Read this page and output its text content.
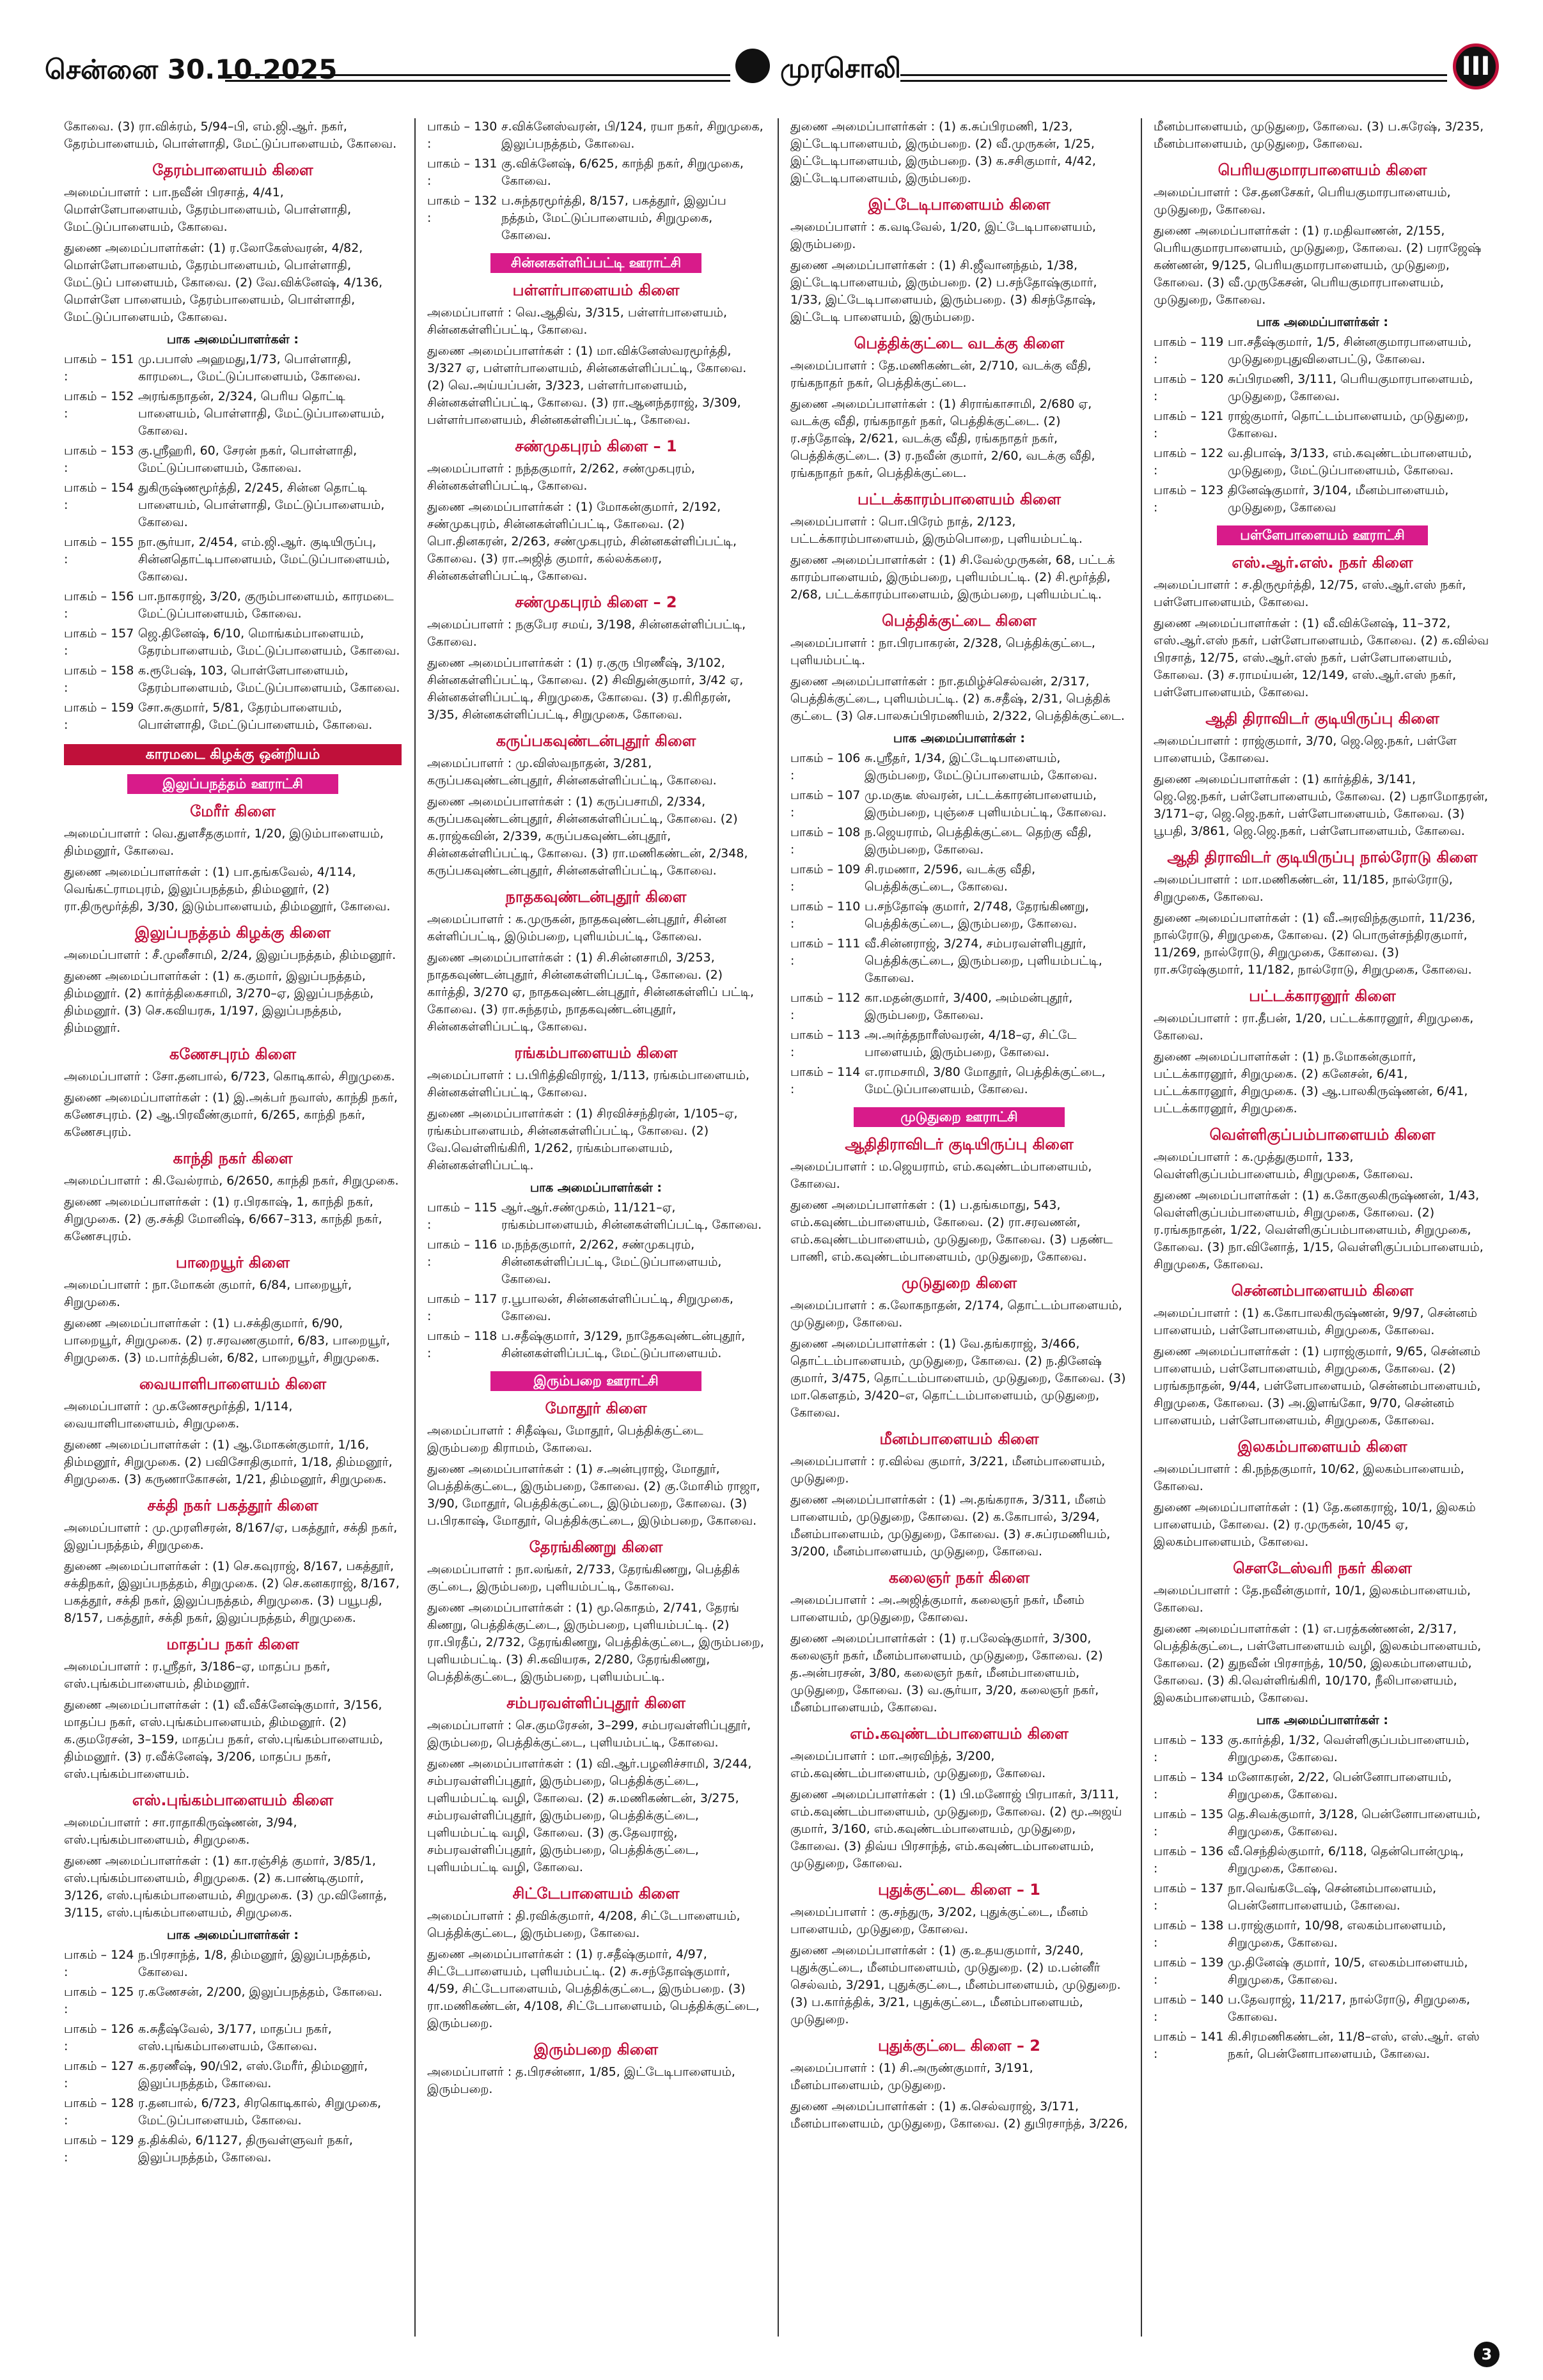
சென்னை 30.10.2025	முரசொலி	III
கோவை. (3) ரா.விக்ரம், 5/94–பி, எம்.ஜி.ஆர். நகர், தேரம்பாளையம், பொள்ளாதி, மேட்டுப்பாளையம், கோவை.
தேரம்பாளையம் கிளை
அமைப்பாளர் : பா.நவீன் பிரசாத், 4/41, மொள்ளேபாளையம், தேரம்பாளையம், பொள்ளாதி, மேட்டுப்பாளையம், கோவை.
துணை அமைப்பாளர்கள்: (1) ர.லோகேஸ்வரன், 4/82, மொள்ளேபாளையம், தேரம்பாளையம், பொள்ளாதி, மேட்டுப் பாளையம், கோவை. (2) வே.விக்னேஷ், 4/136, மொள்ளே பாளையம், தேரம்பாளையம், பொள்ளாதி, மேட்டுப்பாளையம், கோவை.
பாக அமைப்பாளர்கள் :
பாகம் – 151 :
மு.பபாஸ் அஹமது,1/73, பொள்ளாதி, காரமடை, மேட்டுப்பாளையம், கோவை.
பாகம் – 152 :
அரங்கநாதன், 2/324, பெரிய தொட்டி பாளையம், பொள்ளாதி, மேட்டுப்பாளையம், கோவை.
பாகம் – 153 :
கு.ஸ்ரீஹரி, 60, சேரன் நகர், பொள்ளாதி, மேட்டுப்பாளையம், கோவை.
பாகம் – 154 :
துகிருஷ்ணமூர்த்தி, 2/245, சின்ன தொட்டி பாளையம், பொள்ளாதி, மேட்டுப்பாளையம், கோவை.
பாகம் – 155 :
நா.சூர்யா, 2/454, எம்.ஜி.ஆர். குடியிருப்பு, சின்னதொட்டிபாளையம், மேட்டுப்பாளையம், கோவை.
பாகம் – 156 :
பா.நாகராஜ், 3/20, குரும்பாளையம், காரமடை மேட்டுப்பாளையம், கோவை.
பாகம் – 157 :
ஜெ.தினேஷ், 6/10, மொங்கம்பாளையம், தேரம்பாளையம், மேட்டுப்பாளையம், கோவை.
பாகம் – 158 :
க.ரூபேஷ், 103, பொள்ளேபாளையம், தேரம்பாளையம், மேட்டுப்பாளையம், கோவை.
பாகம் – 159 :
சோ.சுகுமார், 5/81, தேரம்பாளையம், பொள்ளாதி, மேட்டுப்பாளையம், கோவை.
காரமடை கிழக்கு ஒன்றியம்
இலுப்பநத்தம் ஊராட்சி
மேரீர் கிளை
அமைப்பாளர் : வெ.துளசீதகுமார், 1/20, இடும்பாளையம், திம்மனூர், கோவை.
துணை அமைப்பாளர்கள் : (1) பா.தங்கவேல், 4/114, வெங்கட்ராமபுரம், இலுப்பநத்தம், திம்மனூர், (2) ரா.திருமூர்த்தி, 3/30, இடும்பாளையம், திம்மனூர், கோவை.
இலுப்பநத்தம் கிழக்கு கிளை
அமைப்பாளர் : சீ.முனீசாமி, 2/24, இலுப்பநத்தம், திம்மனூர்.
துணை அமைப்பாளர்கள் : (1) க.குமார், இலுப்பநத்தம், திம்மனூர். (2) கார்த்திகைசாமி, 3/270–ஏ, இலுப்பநத்தம், திம்மனூர். (3) செ.கவியரசு, 1/197, இலுப்பநத்தம், திம்மனூர்.
கணேசபுரம் கிளை
அமைப்பாளர் : சோ.தனபால், 6/723, கொடிகால், சிறுமுகை.
துணை அமைப்பாளர்கள் : (1) இ.அக்பர் நவாஸ், காந்தி நகர், கணேசபுரம். (2) ஆ.பிரவீண்குமார், 6/265, காந்தி நகர், கணேசபுரம்.
காந்தி நகர் கிளை
அமைப்பாளர் : கி.வேல்ராம், 6/2650, காந்தி நகர், சிறுமுகை.
துணை அமைப்பாளர்கள் : (1) ர.பிரகாஷ், 1, காந்தி நகர், சிறுமுகை. (2) கு.சக்தி மோனிஷ், 6/667–313, காந்தி நகர், கணேசபுரம்.
பாறையூர் கிளை
அமைப்பாளர் : நா.மோகன் குமார், 6/84, பாறையூர், சிறுமுகை.
துணை அமைப்பாளர்கள் : (1) ப.சக்திகுமார், 6/90, பாறையூர், சிறுமுகை. (2) ர.சரவணகுமார், 6/83, பாறையூர், சிறுமுகை. (3) ம.பார்த்திபன், 6/82, பாறையூர், சிறுமுகை.
வையாளிபாளையம் கிளை
அமைப்பாளர் : மு.கணேசமூர்த்தி, 1/114, வையாளிபாளையம், சிறுமுகை.
துணை அமைப்பாளர்கள் : (1) ஆ.மோகன்குமார், 1/16, திம்மனூர், சிறுமுகை. (2) பவிசோதிகுமார், 1/18, திம்மனூர், சிறுமுகை. (3) கருணாகோசன், 1/21, திம்மனூர், சிறுமுகை.
சக்தி நகர் பகத்தூர் கிளை
அமைப்பாளர் : மு.முரளிசரன், 8/167/ஏ, பகத்தூர், சக்தி நகர், இலுப்பநத்தம், சிறுமுகை.
துணை அமைப்பாளர்கள் : (1) செ.கவுராஜ், 8/167, பகத்தூர், சக்திநகர், இலுப்பநத்தம், சிறுமுகை. (2) செ.கனகராஜ், 8/167, பகத்தூர், சக்தி நகர், இலுப்பநத்தம், சிறுமுகை. (3) பயூபதி, 8/157, பகத்தூர், சக்தி நகர், இலுப்பநத்தம், சிறுமுகை.
மாதப்ப நகர் கிளை
அமைப்பாளர் : ர.ஸ்ரீதர், 3/186–ஏ, மாதப்ப நகர், எஸ்.புங்கம்பாளையம், திம்மனூர்.
துணை அமைப்பாளர்கள் : (1) வீ.வீக்னேஷ்குமார், 3/156, மாதப்ப நகர், எஸ்.புங்கம்பாளையம், திம்மனூர். (2) க.குமரேசன், 3–159, மாதப்ப நகர், எஸ்.புங்கம்பாளையம், திம்மனூர். (3) ர.வீக்னேஷ், 3/206, மாதப்ப நகர், எஸ்.புங்கம்பாளையம்.
எஸ்.புங்கம்பாளையம் கிளை
அமைப்பாளர் : சா.ராதாகிருஷ்ணன், 3/94, எஸ்.புங்கம்பாளையம், சிறுமுகை.
துணை அமைப்பாளர்கள் : (1) கா.ரஞ்சித் குமார், 3/85/1, எஸ்.புங்கம்பாளையம், சிறுமுகை. (2) க.பாண்டிகுமார், 3/126, எஸ்.புங்கம்பாளையம், சிறுமுகை. (3) மு.வினோத், 3/115, எஸ்.புங்கம்பாளையம், சிறுமுகை.
பாக அமைப்பாளர்கள் :
பாகம் – 124 :
ந.பிரசாந்த், 1/8, திம்மனூர், இலுப்பநத்தம், கோவை.
பாகம் – 125 :
ர.கணேசன், 2/200, இலுப்பநத்தம், கோவை.
பாகம் – 126 :
க.சுதீஷ்வேல், 3/177, மாதப்ப நகர், எஸ்.புங்கம்பாளையம், கோவை.
பாகம் – 127 :
க.தரணீஷ், 90/பி2, எஸ்.மேரீர், திம்மனூர், இலுப்பநத்தம், கோவை.
பாகம் – 128 :
ர.தனபால், 6/723, சிரகொடிகால், சிறுமுகை, மேட்டுப்பாளையம், கோவை.
பாகம் – 129 :
த.திக்கில், 6/1127, திருவள்ளுவர் நகர், இலுப்பநத்தம், கோவை.
பாகம் – 130 :
ச.விக்னேஸ்வரன், பி/124, ரயா நகர், சிறுமுகை, இலுப்பநத்தம், கோவை.
பாகம் – 131 :
கு.விக்னேஷ், 6/625, காந்தி நகர், சிறுமுகை, கோவை.
பாகம் – 132 :
ப.சுந்தரமூர்த்தி, 8/157, பகத்தூர், இலுப்ப நத்தம், மேட்டுப்பாளையம், சிறுமுகை, கோவை.
சின்னகள்ளிப்பட்டி ஊராட்சி
பள்ளர்பாளையம் கிளை
அமைப்பாளர் : வெ.ஆதிவ், 3/315, பள்ளர்பாளையம், சின்னகள்ளிப்பட்டி, கோவை.
துணை அமைப்பாளர்கள் : (1) மா.விக்னேஸ்வரமூர்த்தி, 3/327 ஏ, பள்ளர்பாளையம், சின்னகள்ளிப்பட்டி, கோவை. (2) வெ.அய்யப்பன், 3/323, பள்ளர்பாளையம், சின்னகள்ளிப்பட்டி, கோவை. (3) ரா.ஆனந்தராஜ், 3/309, பள்ளர்பாளையம், சின்னகள்ளிப்பட்டி, கோவை.
சண்முகபுரம் கிளை – 1
அமைப்பாளர் : நந்தகுமார், 2/262, சண்முகபுரம், சின்னகள்ளிப்பட்டி, கோவை.
துணை அமைப்பாளர்கள் : (1) மோகன்குமார், 2/192, சண்முகபுரம், சின்னகள்ளிப்பட்டி, கோவை. (2) பொ.தினகரன், 2/263, சண்முகபுரம், சின்னகள்ளிப்பட்டி, கோவை. (3) ரா.அஜித் குமார், கல்லக்கரை, சின்னகள்ளிப்பட்டி, கோவை.
சண்முகபுரம் கிளை – 2
அமைப்பாளர் : நகுபேர சமய், 3/198, சின்னகள்ளிப்பட்டி, கோவை.
துணை அமைப்பாளர்கள் : (1) ர.குரு பிரணீஷ், 3/102, சின்னகள்ளிப்பட்டி, கோவை. (2) சிவிதுன்குமார், 3/42 ஏ, சின்னகள்ளிப்பட்டி, சிறுமுகை, கோவை. (3) ர.கிரிதரன், 3/35, சின்னகள்ளிப்பட்டி, சிறுமுகை, கோவை.
கருப்பகவுண்டன்புதூர் கிளை
அமைப்பாளர் : மு.விஸ்வநாதன், 3/281, கருப்பகவுண்டன்புதூர், சின்னகள்ளிப்பட்டி, கோவை.
துணை அமைப்பாளர்கள் : (1) கருப்பசாமி, 2/334, கருப்பகவுண்டன்புதூர், சின்னகள்ளிப்பட்டி, கோவை. (2) க.ராஜ்கவின், 2/339, கருப்பகவுண்டன்புதூர், சின்னகள்ளிப்பட்டி, கோவை. (3) ரா.மணிகண்டன், 2/348, கருப்பகவுண்டன்புதூர், சின்னகள்ளிப்பட்டி, கோவை.
நாதகவுண்டன்புதூர் கிளை
அமைப்பாளர் : க.முருகன், நாதகவுண்டன்புதூர், சின்ன கள்ளிப்பட்டி, இடும்பறை, புளியம்பட்டி, கோவை.
துணை அமைப்பாளர்கள் : (1) சி.சின்னசாமி, 3/253, நாதகவுண்டன்புதூர், சின்னகள்ளிப்பட்டி, கோவை. (2) கார்த்தி, 3/270 ஏ, நாதகவுண்டன்புதூர், சின்னகள்ளிப் பட்டி, கோவை. (3) ரா.சுந்தரம், நாதகவுண்டன்புதூர், சின்னகள்ளிப்பட்டி, கோவை.
ரங்கம்பாளையம் கிளை
அமைப்பாளர் : ப.பிரித்திவிராஜ், 1/113, ரங்கம்பாளையம், சின்னகள்ளிப்பட்டி, கோவை.
துணை அமைப்பாளர்கள் : (1) சிரவிச்சந்திரன், 1/105–ஏ, ரங்கம்பாளையம், சின்னகள்ளிப்பட்டி, கோவை. (2) வே.வெள்ளிங்கிரி, 1/262, ரங்கம்பாளையம், சின்னகள்ளிப்பட்டி.
பாக அமைப்பாளர்கள் :
பாகம் – 115 :
ஆர்.ஆர்.சண்முகம், 11/121–ஏ, ரங்கம்பாளையம், சின்னகள்ளிப்பட்டி, கோவை.
பாகம் – 116 :
ம.நந்தகுமார், 2/262, சண்முகபுரம், சின்னகள்ளிப்பட்டி, மேட்டுப்பாளையம், கோவை.
பாகம் – 117 :
ர.பூபாலன், சின்னகள்ளிப்பட்டி, சிறுமுகை, கோவை.
பாகம் – 118 :
ப.சதீஷ்குமார், 3/129, நாதேகவுண்டன்புதூர், சின்னகள்ளிப்பட்டி, மேட்டுப்பாளையம்.
இரும்பறை ஊராட்சி
மோதூர் கிளை
அமைப்பாளர் : சிதீஷ்வ, மோதூர், பெத்திக்குட்டை இரும்பறை கிராமம், கோவை.
துணை அமைப்பாளர்கள் : (1) ச.அன்புராஜ், மோதூர், பெத்திக்குட்டை, இரும்பறை, கோவை. (2) கு.மோசிம் ராஜா, 3/90, மோதூர், பெத்திக்குட்டை, இடும்பறை, கோவை. (3) ப.பிரகாஷ், மோதூர், பெத்திக்குட்டை, இடும்பறை, கோவை.
தேரங்கிணறு கிளை
அமைப்பாளர் : நா.லங்கர், 2/733, தேரங்கிணறு, பெத்திக் குட்டை, இரும்பறை, புளியம்பட்டி, கோவை.
துணை அமைப்பாளர்கள் : (1) மூ.கொதம், 2/741, தேரங் கிணறு, பெத்திக்குட்டை, இரும்பறை, புளியம்பட்டி. (2) ரா.பிரதீப், 2/732, தேரங்கிணறு, பெத்திக்குட்டை, இரும்பறை, புளியம்பட்டி. (3) சி.கவியரசு, 2/280, தேரங்கிணறு, பெத்திக்குட்டை, இரும்பறை, புளியம்பட்டி.
சம்பரவள்ளிப்புதூர் கிளை
அமைப்பாளர் : செ.குமரேசன், 3–299, சம்பரவள்ளிப்புதூர், இரும்பறை, பெத்திக்குட்டை, புளியம்பட்டி, கோவை.
துணை அமைப்பாளர்கள் : (1) வி.ஆர்.பழனிச்சாமி, 3/244, சம்பரவள்ளிப்புதூர், இரும்பறை, பெத்திக்குட்டை, புளியம்பட்டி வழி, கோவை. (2) சு.மணிகண்டன், 3/275, சம்பரவள்ளிப்புதூர், இரும்பறை, பெத்திக்குட்டை, புளியம்பட்டி வழி, கோவை. (3) கு.தேவராஜ், சம்பரவள்ளிப்புதூர், இரும்பறை, பெத்திக்குட்டை, புளியம்பட்டி வழி, கோவை.
சிட்டேபாளையம் கிளை
அமைப்பாளர் : தி.ரவிக்குமார், 4/208, சிட்டேபாளையம், பெத்திக்குட்டை, இரும்பறை, கோவை.
துணை அமைப்பாளர்கள் : (1) ர.சதீஷ்குமார், 4/97, சிட்டேபாளையம், புளியம்பட்டி. (2) சு.சந்தோஷ்குமார், 4/59, சிட்டேபாளையம், பெத்திக்குட்டை, இரும்பறை. (3) ரா.மணிகண்டன், 4/108, சிட்டேபாளையம், பெத்திக்குட்டை, இரும்பறை.
இரும்பறை கிளை
அமைப்பாளர் : த.பிரசன்னா, 1/85, இட்டேடிபாளையம், இரும்பறை.
துணை அமைப்பாளர்கள் : (1) க.சுப்பிரமணி, 1/23, இட்டேடிபாளையம், இரும்பறை. (2) வீ.முருகன், 1/25, இட்டேடிபாளையம், இரும்பறை. (3) க.சசிகுமார், 4/42, இட்டேடிபாளையம், இரும்பறை.
இட்டேடிபாளையம் கிளை
அமைப்பாளர் : க.வடிவேல், 1/20, இட்டேடிபாளையம், இரும்பறை.
துணை அமைப்பாளர்கள் : (1) சி.ஜீவானந்தம், 1/38, இட்டேடிபாளையம், இரும்பறை. (2) ப.சந்தோஷ்குமார், 1/33, இட்டேடிபாளையம், இரும்பறை. (3) கிசந்தோஷ், இட்டேடி பாளையம், இரும்பறை.
பெத்திக்குட்டை வடக்கு கிளை
அமைப்பாளர் : தே.மணிகண்டன், 2/710, வடக்கு வீதி, ரங்கநாதர் நகர், பெத்திக்குட்டை.
துணை அமைப்பாளர்கள் : (1) சிராங்காசாமி, 2/680 ஏ, வடக்கு வீதி, ரங்கநாதர் நகர், பெத்திக்குட்டை. (2) ர.சந்தோஷ், 2/621, வடக்கு வீதி, ரங்கநாதர் நகர், பெத்திக்குட்டை. (3) ர.நவீன் குமார், 2/60, வடக்கு வீதி, ரங்கநாதர் நகர், பெத்திக்குட்டை.
பட்டக்காரம்பாளையம் கிளை
அமைப்பாளர் : பொ.பிரேம் நாத், 2/123, பட்டக்காரம்பாளையம், இரும்பொறை, புளியம்பட்டி.
துணை அமைப்பாளர்கள் : (1) சி.வேல்முருகன், 68, பட்டக் காரம்பாளையம், இரும்பறை, புளியம்பட்டி. (2) சி.மூர்த்தி, 2/68, பட்டக்காரம்பாளையம், இரும்பறை, புளியம்பட்டி.
பெத்திக்குட்டை கிளை
அமைப்பாளர் : நா.பிரபாகரன், 2/328, பெத்திக்குட்டை, புளியம்பட்டி.
துணை அமைப்பாளர்கள் : நா.தமிழ்ச்செல்வன், 2/317, பெத்திக்குட்டை, புளியம்பட்டி. (2) க.சதீஷ், 2/31, பெத்திக் குட்டை (3) செ.பாலசுப்பிரமணியம், 2/322, பெத்திக்குட்டை.
பாக அமைப்பாளர்கள் :
பாகம் – 106 :
சு.ஸ்ரீதர், 1/34, இட்டேடிபாளையம், இரும்பறை, மேட்டுப்பாளையம், கோவை.
பாகம் – 107 :
மு.மகுடீ ஸ்வரன், பட்டக்காரன்பாளையம், இரும்பறை, புஞ்சை புளியம்பட்டி, கோவை.
பாகம் – 108 :
ந.ஜெயராம், பெத்திக்குட்டை தெற்கு வீதி, இரும்பறை, கோவை.
பாகம் – 109 :
சி.ரமணா, 2/596, வடக்கு வீதி, பெத்திக்குட்டை, கோவை.
பாகம் – 110 :
ப.சந்தோஷ் குமார், 2/748, தேரங்கிணறு, பெத்திக்குட்டை, இரும்பறை, கோவை.
பாகம் – 111 :
வீ.சின்னராஜ், 3/274, சம்பரவள்ளிபுதூர், பெத்திக்குட்டை, இரும்பறை, புளியம்பட்டி, கோவை.
பாகம் – 112 :
கா.மதன்குமார், 3/400, அம்மன்புதூர், இரும்பறை, கோவை.
பாகம் – 113 :
அ.அர்த்தநாரீஸ்வரன், 4/18–ஏ, சிட்டே பாளையம், இரும்பறை, கோவை.
பாகம் – 114 :
எ.ராமசாமி, 3/80 மோதூர், பெத்திக்குட்டை, மேட்டுப்பாளையம், கோவை.
முடுதுறை ஊராட்சி
ஆதிதிராவிடர் குடியிருப்பு கிளை
அமைப்பாளர் : ம.ஜெயராம், எம்.கவுண்டம்பாளையம், கோவை.
துணை அமைப்பாளர்கள் : (1) ப.தங்கமாது, 543, எம்.கவுண்டம்பாளையம், கோவை. (2) ரா.சரவணன், எம்.கவுண்டம்பாளையம், முடுதுறை, கோவை. (3) பதண்ட பாணி, எம்.கவுண்டம்பாளையம், முடுதுறை, கோவை.
முடுதுறை கிளை
அமைப்பாளர் : க.லோகநாதன், 2/174, தொட்டம்பாளையம், முடுதுறை, கோவை.
துணை அமைப்பாளர்கள் : (1) வே.தங்கராஜ், 3/466, தொட்டம்பாளையம், முடுதுறை, கோவை. (2) ந.தினேஷ் குமார், 3/475, தொட்டம்பாளையம், முடுதுறை, கோவை. (3) மா.கௌதம், 3/420–எ, தொட்டம்பாளையம், முடுதுறை, கோவை.
மீனம்பாளையம் கிளை
அமைப்பாளர் : ர.வில்வ குமார், 3/221, மீனம்பாளையம், முடுதுறை.
துணை அமைப்பாளர்கள் : (1) அ.தங்கராசு, 3/311, மீனம் பாளையம், முடுதுறை, கோவை. (2) க.கோபால், 3/294, மீனம்பாளையம், முடுதுறை, கோவை. (3) ச.சுப்ரமணியம், 3/200, மீனம்பாளையம், முடுதுறை, கோவை.
கலைஞர் நகர் கிளை
அமைப்பாளர் : அ.அஜித்குமார், கலைஞர் நகர், மீனம் பாளையம், முடுதுறை, கோவை.
துணை அமைப்பாளர்கள் : (1) ர.பலேஷ்குமார், 3/300, கலைஞர் நகர், மீனம்பாளையம், முடுதுறை, கோவை. (2) த.அன்பரசன், 3/80, கலைஞர் நகர், மீனம்பாளையம், முடுதுறை, கோவை. (3) வ.சூர்யா, 3/20, கலைஞர் நகர், மீனம்பாளையம், கோவை.
எம்.கவுண்டம்பாளையம் கிளை
அமைப்பாளர் : மா.அரவிந்த், 3/200, எம்.கவுண்டம்பாளையம், முடுதுறை, கோவை.
துணை அமைப்பாளர்கள் : (1) பி.மனோஜ் பிரபாகர், 3/111, எம்.கவுண்டம்பாளையம், முடுதுறை, கோவை. (2) மூ.அஜய் குமார், 3/160, எம்.கவுண்டம்பாளையம், முடுதுறை, கோவை. (3) திவ்ய பிரசாந்த், எம்.கவுண்டம்பாளையம், முடுதுறை, கோவை.
புதுக்குட்டை கிளை – 1
அமைப்பாளர் : கு.சந்துரு, 3/202, புதுக்குட்டை, மீனம் பாளையம், முடுதுறை, கோவை.
துணை அமைப்பாளர்கள் : (1) கு.உதயகுமார், 3/240, புதுக்குட்டை, மீனம்பாளையம், முடுதுறை. (2) ம.பன்னீர் செல்வம், 3/291, புதுக்குட்டை, மீனம்பாளையம், முடுதுறை. (3) ப.கார்த்திக், 3/21, புதுக்குட்டை, மீனம்பாளையம், முடுதுறை.
புதுக்குட்டை கிளை – 2
அமைப்பாளர் : (1) சி.அருண்குமார், 3/191, மீனம்பாளையம், முடுதுறை.
துணை அமைப்பாளர்கள் : (1) க.செல்வராஜ், 3/171, மீனம்பாளையம், முடுதுறை, கோவை. (2) துபிரசாந்த், 3/226,
மீனம்பாளையம், முடுதுறை, கோவை. (3) ப.சுரேஷ், 3/235, மீனம்பாளையம், முடுதுறை, கோவை.
பெரியகுமாரபாளையம் கிளை
அமைப்பாளர் : சே.தனசேகர், பெரியகுமாரபாளையம், முடுதுறை, கோவை.
துணை அமைப்பாளர்கள் : (1) ர.மதிவாணன், 2/155, பெரியகுமாரபாளையம், முடுதுறை, கோவை. (2) பராஜேஷ் கண்ணன், 9/125, பெரியகுமாரபாளையம், முடுதுறை, கோவை. (3) வீ.முருகேசன், பெரியகுமாரபாளையம், முடுதுறை, கோவை.
பாக அமைப்பாளர்கள் :
பாகம் – 119 :
பா.சதீஷ்குமார், 1/5, சின்னகுமாரபாளையம், முடுதுறைபுதுவிளைபட்டு, கோவை.
பாகம் – 120 :
சுப்பிரமணி, 3/111, பெரியகுமாரபாளையம், முடுதுறை, கோவை.
பாகம் – 121 :
ராஜ்குமார், தொட்டம்பாளையம், முடுதுறை, கோவை.
பாகம் – 122 :
வ.திபாஷ், 3/133, எம்.கவுண்டம்பாளையம், முடுதுறை, மேட்டுப்பாளையம், கோவை.
பாகம் – 123 :
தினேஷ்குமார், 3/104, மீனம்பாளையம், முடுதுறை, கோவை
பள்ளேபாளையம் ஊராட்சி
எஸ்.ஆர்.எஸ். நகர் கிளை
அமைப்பாளர் : ச.திருமூர்த்தி, 12/75, எஸ்.ஆர்.எஸ் நகர், பள்ளேபாளையம், கோவை.
துணை அமைப்பாளர்கள் : (1) வீ.விக்னேஷ், 11–372, எஸ்.ஆர்.எஸ் நகர், பள்ளேபாளையம், கோவை. (2) க.வில்வ பிரசாத், 12/75, எஸ்.ஆர்.எஸ் நகர், பள்ளேபாளையம், கோவை. (3) ச.ராமய்யன், 12/149, எஸ்.ஆர்.எஸ் நகர், பள்ளேபாளையம், கோவை.
ஆதி திராவிடர் குடியிருப்பு கிளை
அமைப்பாளர் : ராஜ்குமார், 3/70, ஜெ.ஜெ.நகர், பள்ளே பாளையம், கோவை.
துணை அமைப்பாளர்கள் : (1) கார்த்திக், 3/141, ஜெ.ஜெ.நகர், பள்ளேபாளையம், கோவை. (2) பதாமோதரன், 3/171–ஏ, ஜெ.ஜெ.நகர், பள்ளேபாளையம், கோவை. (3) பூபதி, 3/861, ஜெ.ஜெ.நகர், பள்ளேபாளையம், கோவை.
ஆதி திராவிடர் குடியிருப்பு நால்ரோடு கிளை
அமைப்பாளர் : மா.மணிகண்டன், 11/185, நால்ரோடு, சிறுமுகை, கோவை.
துணை அமைப்பாளர்கள் : (1) வீ.அரவிந்தகுமார், 11/236, நால்ரோடு, சிறுமுகை, கோவை. (2) பொருள்சந்திரகுமார், 11/269, நால்ரோடு, சிறுமுகை, கோவை. (3) ரா.சுரேஷ்குமார், 11/182, நால்ரோடு, சிறுமுகை, கோவை.
பட்டக்காரனூர் கிளை
அமைப்பாளர் : ரா.தீபன், 1/20, பட்டக்காரனூர், சிறுமுகை, கோவை.
துணை அமைப்பாளர்கள் : (1) ந.மோகன்குமார், பட்டக்காரனூர், சிறுமுகை. (2) கனேசன், 6/41, பட்டக்காரனூர், சிறுமுகை. (3) ஆ.பாலகிருஷ்ணன், 6/41, பட்டக்காரனூர், சிறுமுகை.
வெள்ளிகுப்பம்பாளையம் கிளை
அமைப்பாளர் : க.முத்துகுமார், 133, வெள்ளிகுப்பம்பாளையம், சிறுமுகை, கோவை.
துணை அமைப்பாளர்கள் : (1) க.கோகுலகிருஷ்ணன், 1/43, வெள்ளிகுப்பம்பாளையம், சிறுமுகை, கோவை. (2) ர.ரங்கநாதன், 1/22, வெள்ளிகுப்பம்பாளையம், சிறுமுகை, கோவை. (3) நா.வினோத், 1/15, வெள்ளிகுப்பம்பாளையம், சிறுமுகை, கோவை.
சென்னம்பாளையம் கிளை
அமைப்பாளர் : (1) க.கோபாலகிருஷ்ணன், 9/97, சென்னம் பாளையம், பள்ளேபாளையம், சிறுமுகை, கோவை.
துணை அமைப்பாளர்கள் : (1) பராஜ்குமார், 9/65, சென்னம் பாளையம், பள்ளேபாளையம், சிறுமுகை, கோவை. (2) பரங்கநாதன், 9/44, பள்ளேபாளையம், சென்னம்பாளையம், சிறுமுகை, கோவை. (3) அ.இளங்கோ, 9/70, சென்னம் பாளையம், பள்ளேபாளையம், சிறுமுகை, கோவை.
இலகம்பாளையம் கிளை
அமைப்பாளர் : கி.நந்தகுமார், 10/62, இலகம்பாளையம், கோவை.
துணை அமைப்பாளர்கள் : (1) தே.கனகராஜ், 10/1, இலகம் பாளையம், கோவை. (2) ர.முருகன், 10/45 ஏ, இலகம்பாளையம், கோவை.
சௌடேஸ்வரி நகர் கிளை
அமைப்பாளர் : தே.நவீன்குமார், 10/1, இலகம்பாளையம், கோவை.
துணை அமைப்பாளர்கள் : (1) எ.பரத்கண்ணன், 2/317, பெத்திக்குட்டை, பள்ளேபாளையம் வழி, இலகம்பாளையம், கோவை. (2) துநவீன் பிரசாந்த், 10/50, இலகம்பாளையம், கோவை. (3) கி.வெள்ளிங்கிரி, 10/170, நீலிபாளையம், இலகம்பாளையம், கோவை.
பாக அமைப்பாளர்கள் :
பாகம் – 133 :
கு.கார்த்தி, 1/32, வெள்ளிகுப்பம்பாளையம், சிறுமுகை, கோவை.
பாகம் – 134 :
மனோகரன், 2/22, பென்னோபாளையம், சிறுமுகை, கோவை.
பாகம் – 135 :
தெ.சிவக்குமார், 3/128, பென்னோபாளையம், சிறுமுகை, கோவை.
பாகம் – 136 :
வீ.செந்தில்குமார், 6/118, தென்பொன்முடி, சிறுமுகை, கோவை.
பாகம் – 137 :
நா.வெங்கடேஷ், சென்னம்பாளையம், பென்னோபாளையம், கோவை.
பாகம் – 138 :
ப.ராஜ்குமார், 10/98, எலகம்பாளையம், சிறுமுகை, கோவை.
பாகம் – 139 :
மு.தினேஷ் குமார், 10/5, எலகம்பாளையம், சிறுமுகை, கோவை.
பாகம் – 140 :
ப.தேவராஜ், 11/217, நால்ரோடு, சிறுமுகை, கோவை.
பாகம் – 141 :
கி.சிரமணிகண்டன், 11/8–எஸ், எஸ்.ஆர். எஸ் நகர், பென்னோபாளையம், கோவை.
3
